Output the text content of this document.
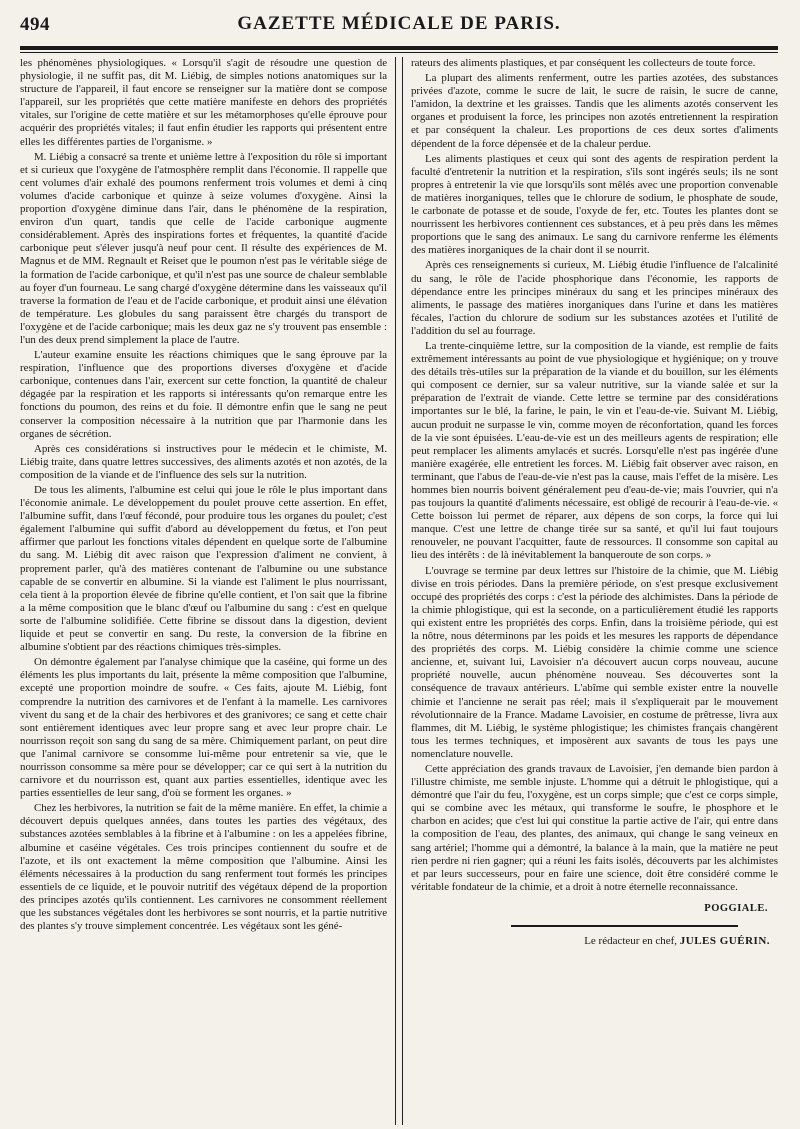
494	GAZETTE MÉDICALE DE PARIS.

les phénomènes physiologiques. « Lorsqu'il s'agit de résoudre une question de physiologie, il ne suffit pas, dit M. Liébig, de simples notions anatomiques sur la structure de l'appareil, il faut encore se renseigner sur la matière dont se compose l'appareil, sur les propriétés que cette matière manifeste en dehors des propriétés vitales, sur l'origine de cette matière et sur les métamorphoses qu'elle éprouve pour acquérir des propriétés vitales; il faut enfin étudier les rapports qui présentent entre elles les différentes parties de l'organisme. »

M. Liébig a consacré sa trente et unième lettre à l'exposition du rôle si important et si curieux que l'oxygène de l'atmosphère remplit dans l'économie. Il rappelle que cent volumes d'air exhalé des poumons renferment trois volumes et demi à cinq volumes d'acide carbonique et quinze à seize volumes d'oxygène. Ainsi la proportion d'oxygène diminue dans l'air, dans le phénomène de la respiration, environ d'un quart, tandis que celle de l'acide carbonique augmente considérablement. Après des inspirations fortes et fréquentes, la quantité d'acide carbonique peut s'élever jusqu'à neuf pour cent. Il résulte des expériences de M. Magnus et de MM. Regnault et Reiset que le poumon n'est pas le véritable siége de la formation de l'acide carbonique, et qu'il n'est pas une source de chaleur semblable au foyer d'un fourneau. Le sang chargé d'oxygène détermine dans les vaisseaux qu'il traverse la formation de l'eau et de l'acide carbonique, et produit ainsi une élévation de température. Les globules du sang paraissent être chargés du transport de l'oxygène et de l'acide carbonique; mais les deux gaz ne s'y trouvent pas ensemble : l'un des deux prend simplement la place de l'autre.

L'auteur examine ensuite les réactions chimiques que le sang éprouve par la respiration, l'influence que des proportions diverses d'oxygène et d'acide carbonique, contenues dans l'air, exercent sur cette fonction, la quantité de chaleur dégagée par la respiration et les rapports si intéressants qu'on remarque entre les fonctions du poumon, des reins et du foie. Il démontre enfin que le sang ne peut conserver la composition nécessaire à la nutrition que par l'harmonie dans les organes de sécrétion.

Après ces considérations si instructives pour le médecin et le chimiste, M. Liébig traite, dans quatre lettres successives, des aliments azotés et non azotés, de la composition de la viande et de l'influence des sels sur la nutrition.

De tous les aliments, l'albumine est celui qui joue le rôle le plus important dans l'économie animale. Le développement du poulet prouve cette assertion. En effet, l'albumine suffit, dans l'œuf fécondé, pour produire tous les organes du poulet; c'est également l'albumine qui suffit d'abord au développement du fœtus, et l'on peut affirmer que parlout les fonctions vitales dépendent en quelque sorte de l'albumine du sang. M. Liébig dit avec raison que l'expression d'aliment ne convient, à proprement parler, qu'à des matières contenant de l'albumine ou une substance capable de se convertir en albumine. Si la viande est l'aliment le plus nourrissant, cela tient à la proportion élevée de fibrine qu'elle contient, et l'on sait que la fibrine a la même composition que le blanc d'œuf ou l'albumine du sang : c'est en quelque sorte de l'albumine solidifiée. Cette fibrine se dissout dans la digestion, devient liquide et peut se convertir en sang. Du reste, la conversion de la fibrine en albumine s'obtient par des réactions chimiques très-simples.

On démontre également par l'analyse chimique que la caséine, qui forme un des éléments les plus importants du lait, présente la même composition que l'albumine, excepté une proportion moindre de soufre. « Ces faits, ajoute M. Liébig, font comprendre la nutrition des carnivores et de l'enfant à la mamelle. Les carnivores vivent du sang et de la chair des herbivores et des granivores; ce sang et cette chair sont entièrement identiques avec leur propre sang et avec leur propre chair. Le nourrisson reçoit son sang du sang de sa mère. Chimiquement parlant, on peut dire que l'animal carnivore se consomme lui-même pour entretenir sa vie, que le nourrisson consomme sa mère pour se développer; car ce qui sert à la nutrition du carnivore et du nourrisson est, quant aux parties essentielles, identique avec les parties essentielles de leur sang, d'où se forment les organes. »

Chez les herbivores, la nutrition se fait de la même manière. En effet, la chimie a découvert depuis quelques années, dans toutes les parties des végétaux, des substances azotées semblables à la fibrine et à l'albumine : on les a appelées fibrine, albumine et caséine végétales. Ces trois principes contiennent du soufre et de l'azote, et ils ont exactement la même composition que l'albumine. Ainsi les éléments nécessaires à la production du sang renferment tout formés les principes essentiels de ce liquide, et le pouvoir nutritif des végétaux dépend de la proportion des principes azotés qu'ils contiennent. Les carnivores ne consomment réellement que les substances végétales dont les herbivores se sont nourris, et la partie nutritive des plantes s'y trouve simplement concentrée. Les végétaux sont les géné-

rateurs des aliments plastiques, et par conséquent les collecteurs de toute force.

La plupart des aliments renferment, outre les parties azotées, des substances privées d'azote, comme le sucre de lait, le sucre de raisin, le sucre de canne, l'amidon, la dextrine et les graisses. Tandis que les aliments azotés conservent les organes et produisent la force, les principes non azotés entretiennent la respiration et par conséquent la chaleur. Les proportions de ces deux sortes d'aliments dépendent de la force dépensée et de la chaleur perdue.

Les aliments plastiques et ceux qui sont des agents de respiration perdent la faculté d'entretenir la nutrition et la respiration, s'ils sont ingérés seuls; ils ne sont propres à entretenir la vie que lorsqu'ils sont mêlés avec une proportion convenable de matières inorganiques, telles que le chlorure de sodium, le phosphate de soude, le carbonate de potasse et de soude, l'oxyde de fer, etc. Toutes les plantes dont se nourrissent les herbivores contiennent ces substances, et à peu près dans les mêmes proportions que le sang des animaux. Le sang du carnivore renferme les éléments des matières inorganiques de la chair dont il se nourrit.

Après ces renseignements si curieux, M. Liébig étudie l'influence de l'alcalinité du sang, le rôle de l'acide phosphorique dans l'économie, les rapports de dépendance entre les principes minéraux du sang et les principes minéraux des aliments, le passage des matières inorganiques dans l'urine et dans les matières fécales, l'action du chlorure de sodium sur les substances azotées et l'utilité de l'addition du sel au fourrage.

La trente-cinquième lettre, sur la composition de la viande, est remplie de faits extrêmement intéressants au point de vue physiologique et hygiénique; on y trouve des détails très-utiles sur la préparation de la viande et du bouillon, sur les éléments qui composent ce dernier, sur sa valeur nutritive, sur la viande salée et sur la préparation de l'extrait de viande. Cette lettre se termine par des considérations importantes sur le blé, la farine, le pain, le vin et l'eau-de-vie. Suivant M. Liébig, aucun produit ne surpasse le vin, comme moyen de réconfortation, quand les forces de la vie sont épuisées. L'eau-de-vie est un des meilleurs agents de respiration; elle peut remplacer les aliments amylacés et sucrés. Lorsqu'elle n'est pas ingérée d'une manière exagérée, elle entretient les forces. M. Liébig fait observer avec raison, en terminant, que l'abus de l'eau-de-vie n'est pas la cause, mais l'effet de la misère. Les hommes bien nourris boivent généralement peu d'eau-de-vie; mais l'ouvrier, qui n'a pas toujours la quantité d'aliments nécessaire, est obligé de recourir à l'eau-de-vie. « Cette boisson lui permet de réparer, aux dépens de son corps, la force qui lui manque. C'est une lettre de change tirée sur sa santé, et qu'il lui faut toujours renouveler, ne pouvant l'acquitter, faute de ressources. Il consomme son capital au lieu des intérêts : de là inévitablement la banqueroute de son corps. »

L'ouvrage se termine par deux lettres sur l'histoire de la chimie, que M. Liébig divise en trois périodes. Dans la première période, on s'est presque exclusivement occupé des propriétés des corps : c'est la période des alchimistes. Dans la période de la chimie phlogistique, qui est la seconde, on a particulièrement étudié les rapports qui existent entre les propriétés des corps. Enfin, dans la troisième période, qui est la nôtre, nous déterminons par les poids et les mesures les rapports de dépendance des propriétés des corps. M. Liébig considère la chimie comme une science ancienne, et, suivant lui, Lavoisier n'a découvert aucun corps nouveau, aucune propriété nouvelle, aucun phénomène nouveau. Ses découvertes sont la conséquence de travaux antérieurs. L'abîme qui semble exister entre la nouvelle chimie et l'ancienne ne serait pas réel; mais il s'expliquerait par le mouvement révolutionnaire de la France. Madame Lavoisier, en costume de prêtresse, livra aux flammes, dit M. Liébig, le système phlogistique; les chimistes français changèrent tous les termes techniques, et imposèrent aux savants de tous les pays une nomenclature nouvelle.

Cette appréciation des grands travaux de Lavoisier, j'en demande bien pardon à l'illustre chimiste, me semble injuste. L'homme qui a détruit le phlogistique, qui a démontré que l'air du feu, l'oxygène, est un corps simple; que c'est ce corps simple, qui se combine avec les métaux, qui transforme le soufre, le phosphore et le charbon en acides; que c'est lui qui constitue la partie active de l'air, qui entre dans la composition de l'eau, des plantes, des animaux, qui change le sang veineux en sang artériel; l'homme qui a démontré, la balance à la main, que la matière ne peut rien perdre ni rien gagner; qui a réuni les faits isolés, découverts par les alchimistes et par leurs successeurs, pour en faire une science, doit être considéré comme le véritable fondateur de la chimie, et a droit à notre éternelle reconnaissance.

POGGIALE.
Le rédacteur en chef, JULES GUÉRIN.
